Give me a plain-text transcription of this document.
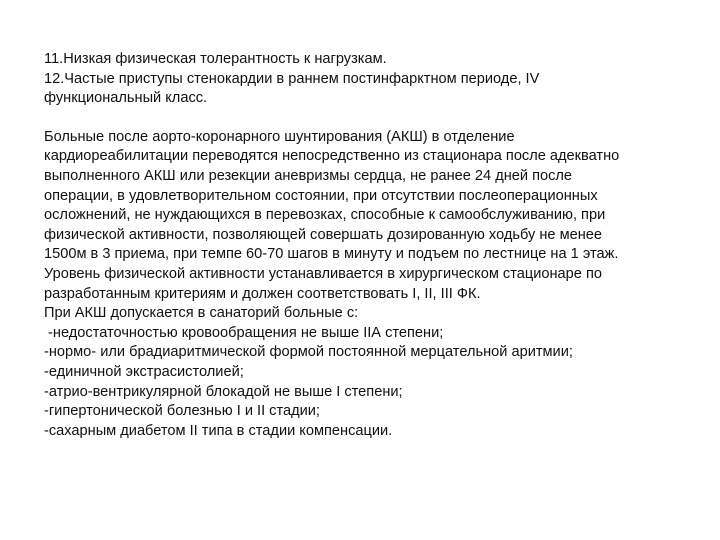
11.Низкая физическая толерантность к нагрузкам.
12.Частые приступы стенокардии в раннем постинфарктном периоде, IV
функциональный класс.
Больные после аорто-коронарного шунтирования (АКШ) в отделение
кардиореабилитации переводятся непосредственно из стационара после адекватно
выполненного АКШ или резекции аневризмы сердца, не ранее 24 дней после
операции, в удовлетворительном состоянии, при отсутствии послеоперационных
осложнений, не нуждающихся в перевозках, способные к самообслуживанию, при
физической активности, позволяющей совершать дозированную ходьбу не менее
1500м в 3 приема, при темпе 60-70 шагов в минуту и подъем по лестнице на 1 этаж.
Уровень физической активности устанавливается в хирургическом стационаре по
разработанным критериям и должен соответствовать I, II, III ФК.
При АКШ допускается в санаторий больные с:
-недостаточностью кровообращения не выше IIА степени;
-нормо- или брадиаритмической формой постоянной мерцательной аритмии;
-единичной экстрасистолией;
-атрио-вентрикулярной блокадой не выше I степени;
-гипертонической болезнью I и II стадии;
-сахарным диабетом II типа в стадии компенсации.
